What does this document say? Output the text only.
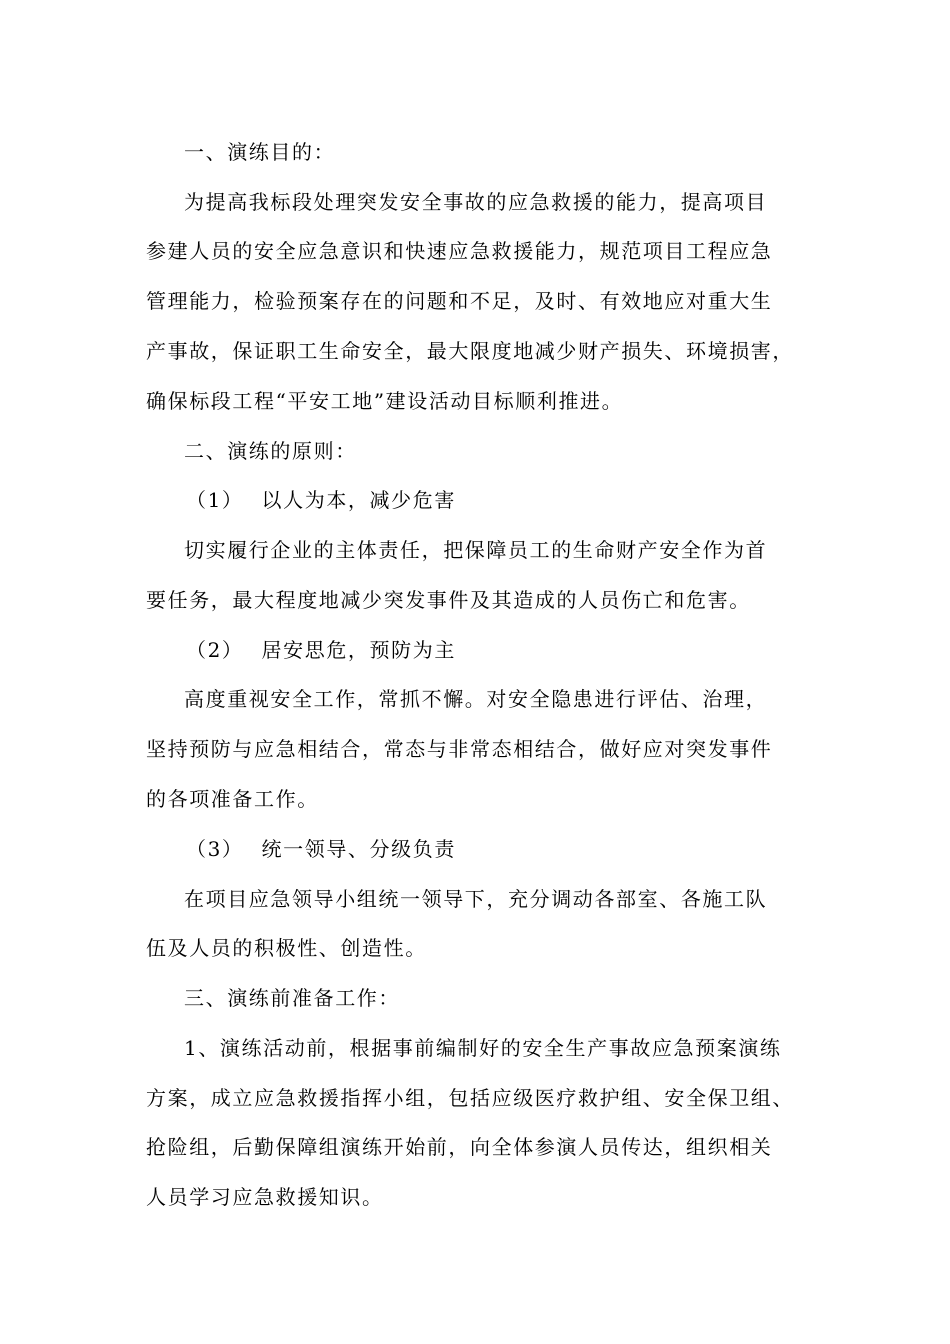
一、演练目的：
为提高我标段处理突发安全事故的应急救援的能力，提高项目
参建人员的安全应急意识和快速应急救援能力，规范项目工程应急
管理能力，检验预案存在的问题和不足，及时、有效地应对重大生
产事故，保证职工生命安全，最大限度地减少财产损失、环境损害，
确保标段工程“平安工地”建设活动目标顺利推进。
二、演练的原则：
（1） 以人为本，减少危害
切实履行企业的主体责任，把保障员工的生命财产安全作为首
要任务，最大程度地减少突发事件及其造成的人员伤亡和危害。
（2） 居安思危，预防为主
高度重视安全工作，常抓不懈。对安全隐患进行评估、治理，
坚持预防与应急相结合，常态与非常态相结合，做好应对突发事件
的各项准备工作。
（3） 统一领导、分级负责
在项目应急领导小组统一领导下，充分调动各部室、各施工队
伍及人员的积极性、创造性。
三、演练前准备工作：
1、演练活动前，根据事前编制好的安全生产事故应急预案演练
方案，成立应急救援指挥小组，包括应级医疗救护组、安全保卫组、
抢险组，后勤保障组演练开始前，向全体参演人员传达，组织相关
人员学习应急救援知识。
